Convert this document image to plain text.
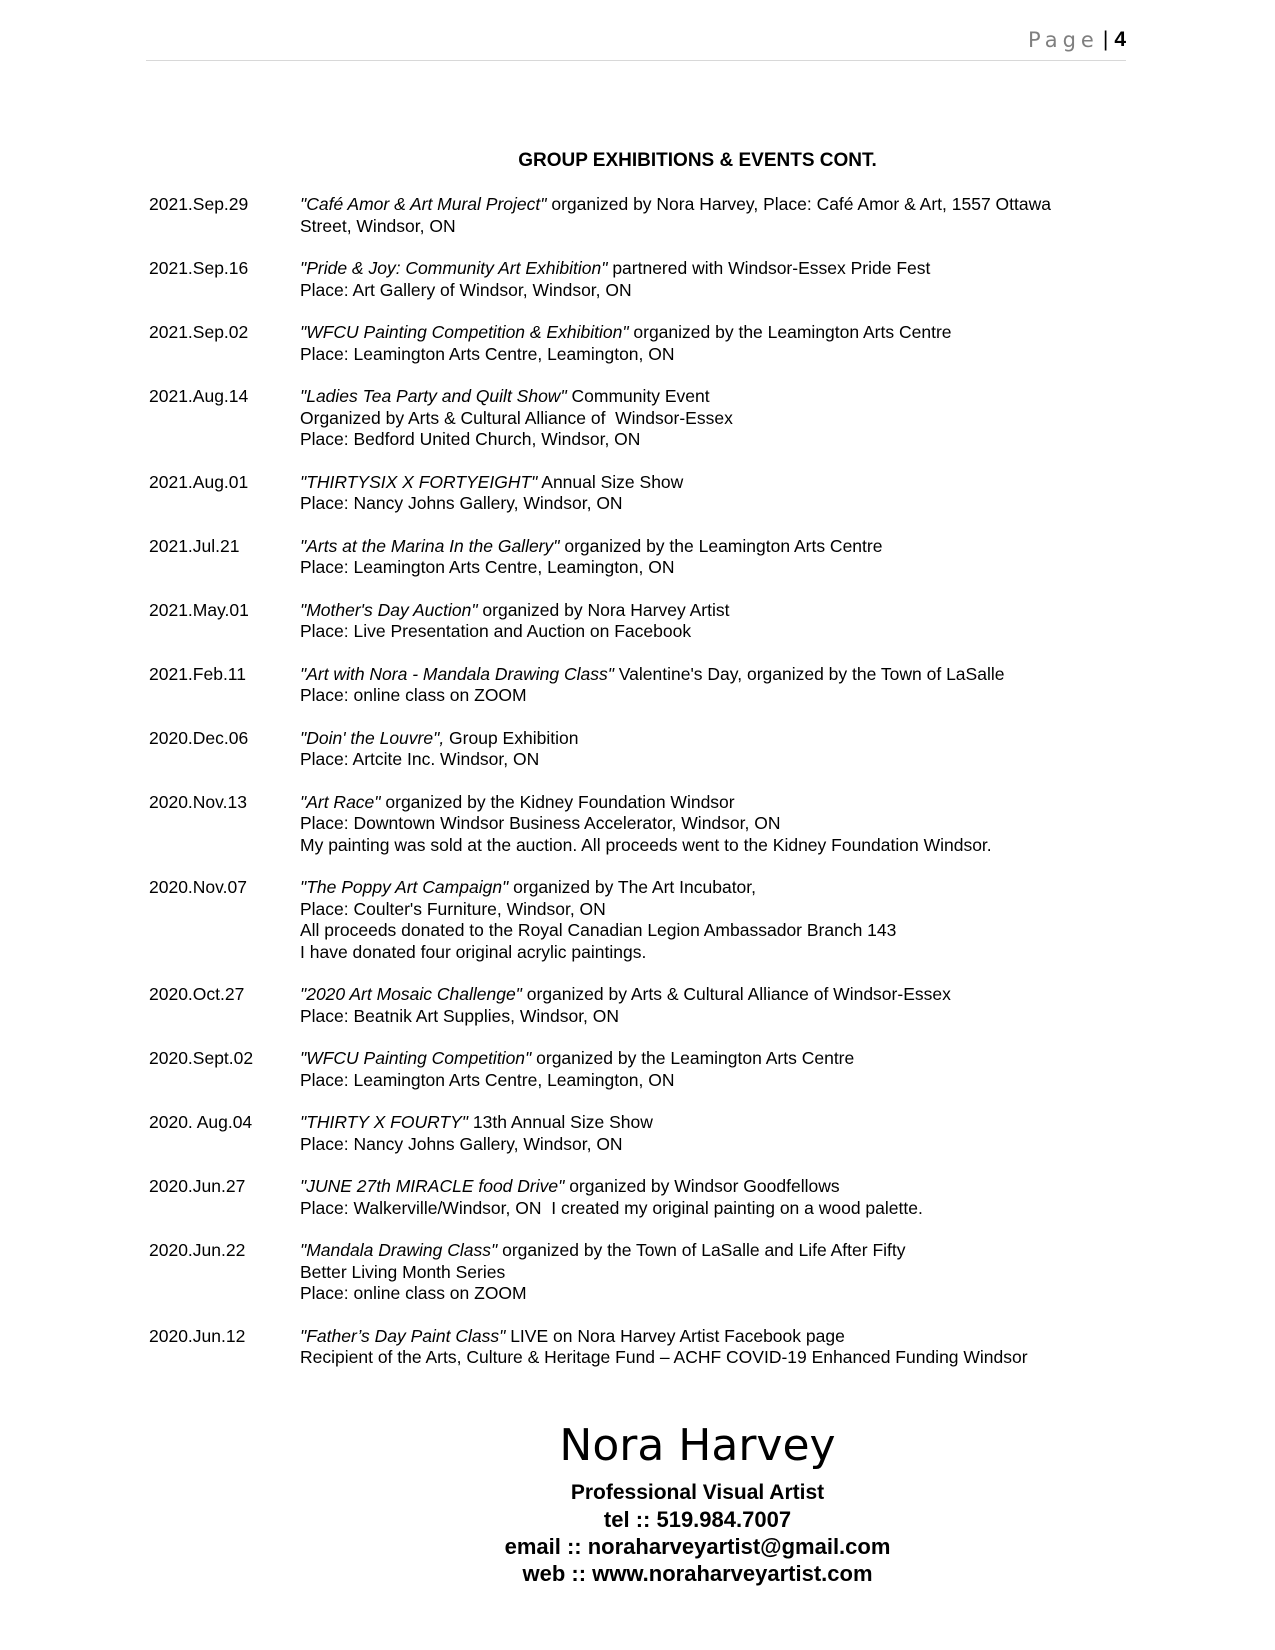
Page | 4
GROUP EXHIBITIONS & EVENTS CONT.
2021.Sep.29	"Café Amor & Art Mural Project" organized by Nora Harvey, Place: Café Amor & Art, 1557 Ottawa
Street, Windsor, ON
2021.Sep.16	"Pride & Joy: Community Art Exhibition" partnered with Windsor-Essex Pride Fest
Place: Art Gallery of Windsor, Windsor, ON
2021.Sep.02	"WFCU Painting Competition & Exhibition" organized by the Leamington Arts Centre
Place: Leamington Arts Centre, Leamington, ON
2021.Aug.14	"Ladies Tea Party and Quilt Show" Community Event
Organized by Arts & Cultural Alliance of  Windsor-Essex
Place: Bedford United Church, Windsor, ON
2021.Aug.01	"THIRTYSIX X FORTYEIGHT" Annual Size Show
Place: Nancy Johns Gallery, Windsor, ON
2021.Jul.21	"Arts at the Marina In the Gallery" organized by the Leamington Arts Centre
Place: Leamington Arts Centre, Leamington, ON
2021.May.01	"Mother's Day Auction" organized by Nora Harvey Artist
Place: Live Presentation and Auction on Facebook
2021.Feb.11	"Art with Nora - Mandala Drawing Class" Valentine's Day, organized by the Town of LaSalle
Place: online class on ZOOM
2020.Dec.06	"Doin' the Louvre", Group Exhibition
Place: Artcite Inc. Windsor, ON
2020.Nov.13	"Art Race" organized by the Kidney Foundation Windsor
Place: Downtown Windsor Business Accelerator, Windsor, ON
My painting was sold at the auction. All proceeds went to the Kidney Foundation Windsor.
2020.Nov.07	"The Poppy Art Campaign" organized by The Art Incubator,
Place: Coulter's Furniture, Windsor, ON
All proceeds donated to the Royal Canadian Legion Ambassador Branch 143
I have donated four original acrylic paintings.
2020.Oct.27	"2020 Art Mosaic Challenge" organized by Arts & Cultural Alliance of Windsor-Essex
Place: Beatnik Art Supplies, Windsor, ON
2020.Sept.02	"WFCU Painting Competition" organized by the Leamington Arts Centre
Place: Leamington Arts Centre, Leamington, ON
2020. Aug.04	"THIRTY X FOURTY" 13th Annual Size Show
Place: Nancy Johns Gallery, Windsor, ON
2020.Jun.27	"JUNE 27th MIRACLE food Drive" organized by Windsor Goodfellows
Place: Walkerville/Windsor, ON  I created my original painting on a wood palette.
2020.Jun.22	"Mandala Drawing Class" organized by the Town of LaSalle and Life After Fifty
Better Living Month Series
Place: online class on ZOOM
2020.Jun.12	"Father’s Day Paint Class" LIVE on Nora Harvey Artist Facebook page
Recipient of the Arts, Culture & Heritage Fund – ACHF COVID-19 Enhanced Funding Windsor
Nora Harvey
Professional Visual Artist
tel :: 519.984.7007
email :: noraharveyartist@gmail.com
web :: www.noraharveyartist.com
